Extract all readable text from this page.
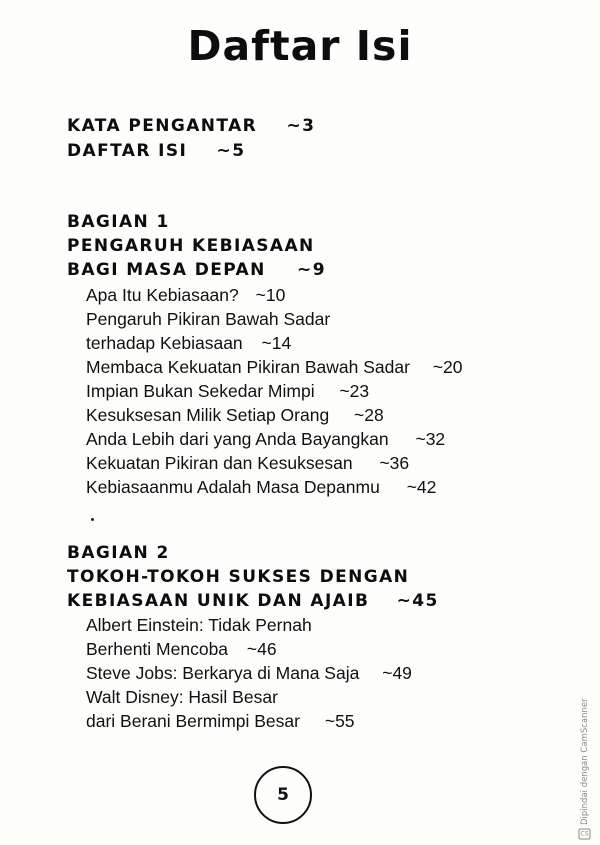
Daftar Isi
KATA PENGANTAR ~3
DAFTAR ISI ~5
BAGIAN 1
PENGARUH KEBIASAAN
BAGI MASA DEPAN ~9
Apa Itu Kebiasaan? ~10
Pengaruh Pikiran Bawah Sadar
terhadap Kebiasaan ~14
Membaca Kekuatan Pikiran Bawah Sadar ~20
Impian Bukan Sekedar Mimpi ~23
Kesuksesan Milik Setiap Orang ~28
Anda Lebih dari yang Anda Bayangkan ~32
Kekuatan Pikiran dan Kesuksesan ~36
Kebiasaanmu Adalah Masa Depanmu ~42
BAGIAN 2
TOKOH-TOKOH SUKSES DENGAN
KEBIASAAN UNIK DAN AJAIB ~45
Albert Einstein: Tidak Pernah
Berhenti Mencoba ~46
Steve Jobs: Berkarya di Mana Saja ~49
Walt Disney: Hasil Besar
dari Berani Bermimpi Besar ~55
5
CS
Dipindai dengan CamScanner
